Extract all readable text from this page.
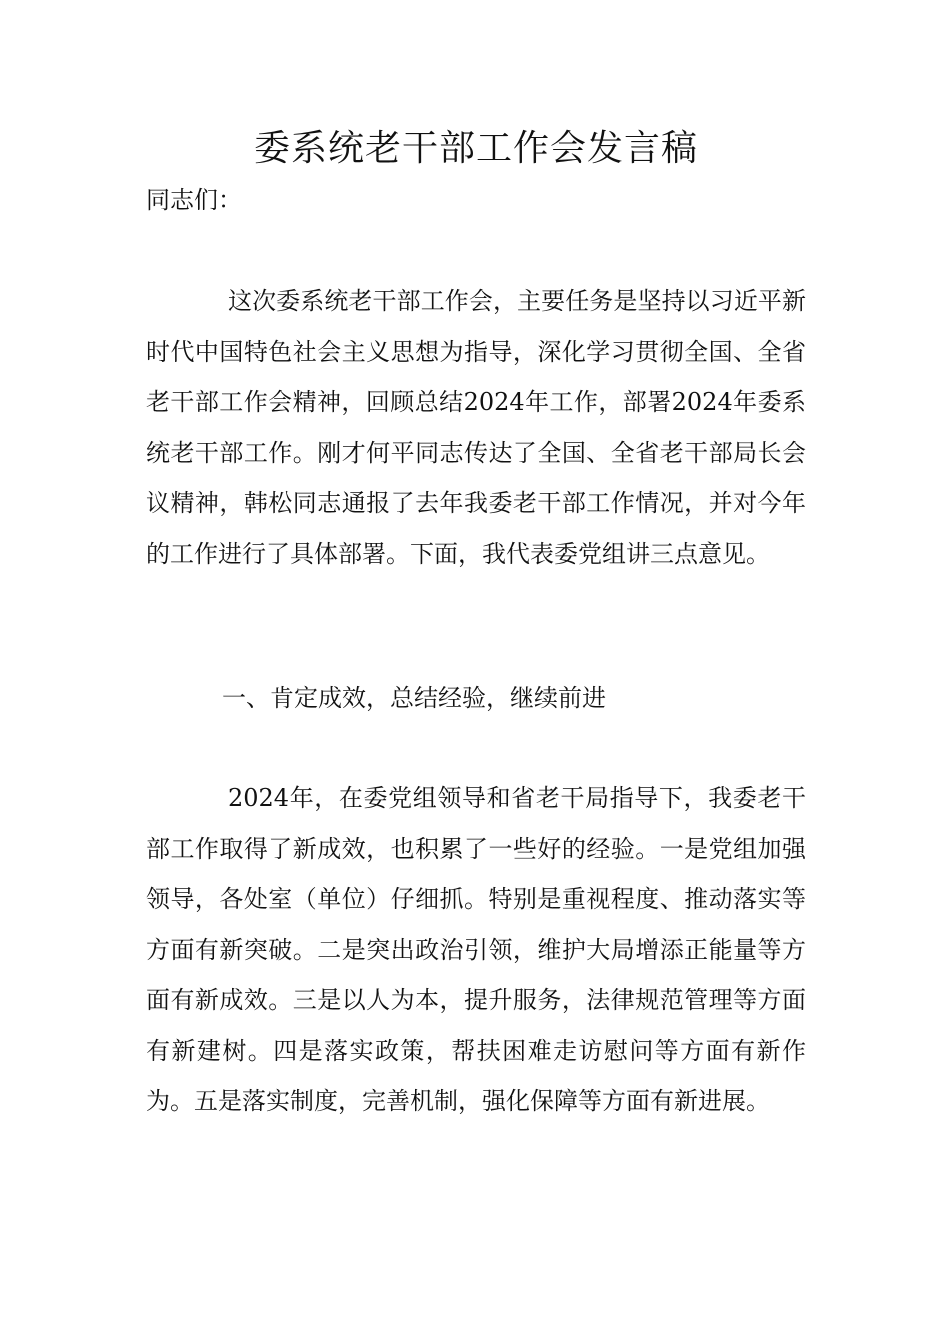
委系统老干部工作会发言稿

同志们：

这次委系统老干部工作会，主要任务是坚持以习近平新时代中国特色社会主义思想为指导，深化学习贯彻全国、全省老干部工作会精神，回顾总结2024年工作，部署2024年委系统老干部工作。刚才何平同志传达了全国、全省老干部局长会议精神，韩松同志通报了去年我委老干部工作情况，并对今年的工作进行了具体部署。下面，我代表委党组讲三点意见。

一、肯定成效，总结经验，继续前进

2024年，在委党组领导和省老干局指导下，我委老干部工作取得了新成效，也积累了一些好的经验。一是党组加强领导，各处室（单位）仔细抓。特别是重视程度、推动落实等方面有新突破。二是突出政治引领，维护大局增添正能量等方面有新成效。三是以人为本，提升服务，法律规范管理等方面有新建树。四是落实政策，帮扶困难走访慰问等方面有新作为。五是落实制度，完善机制，强化保障等方面有新进展。
